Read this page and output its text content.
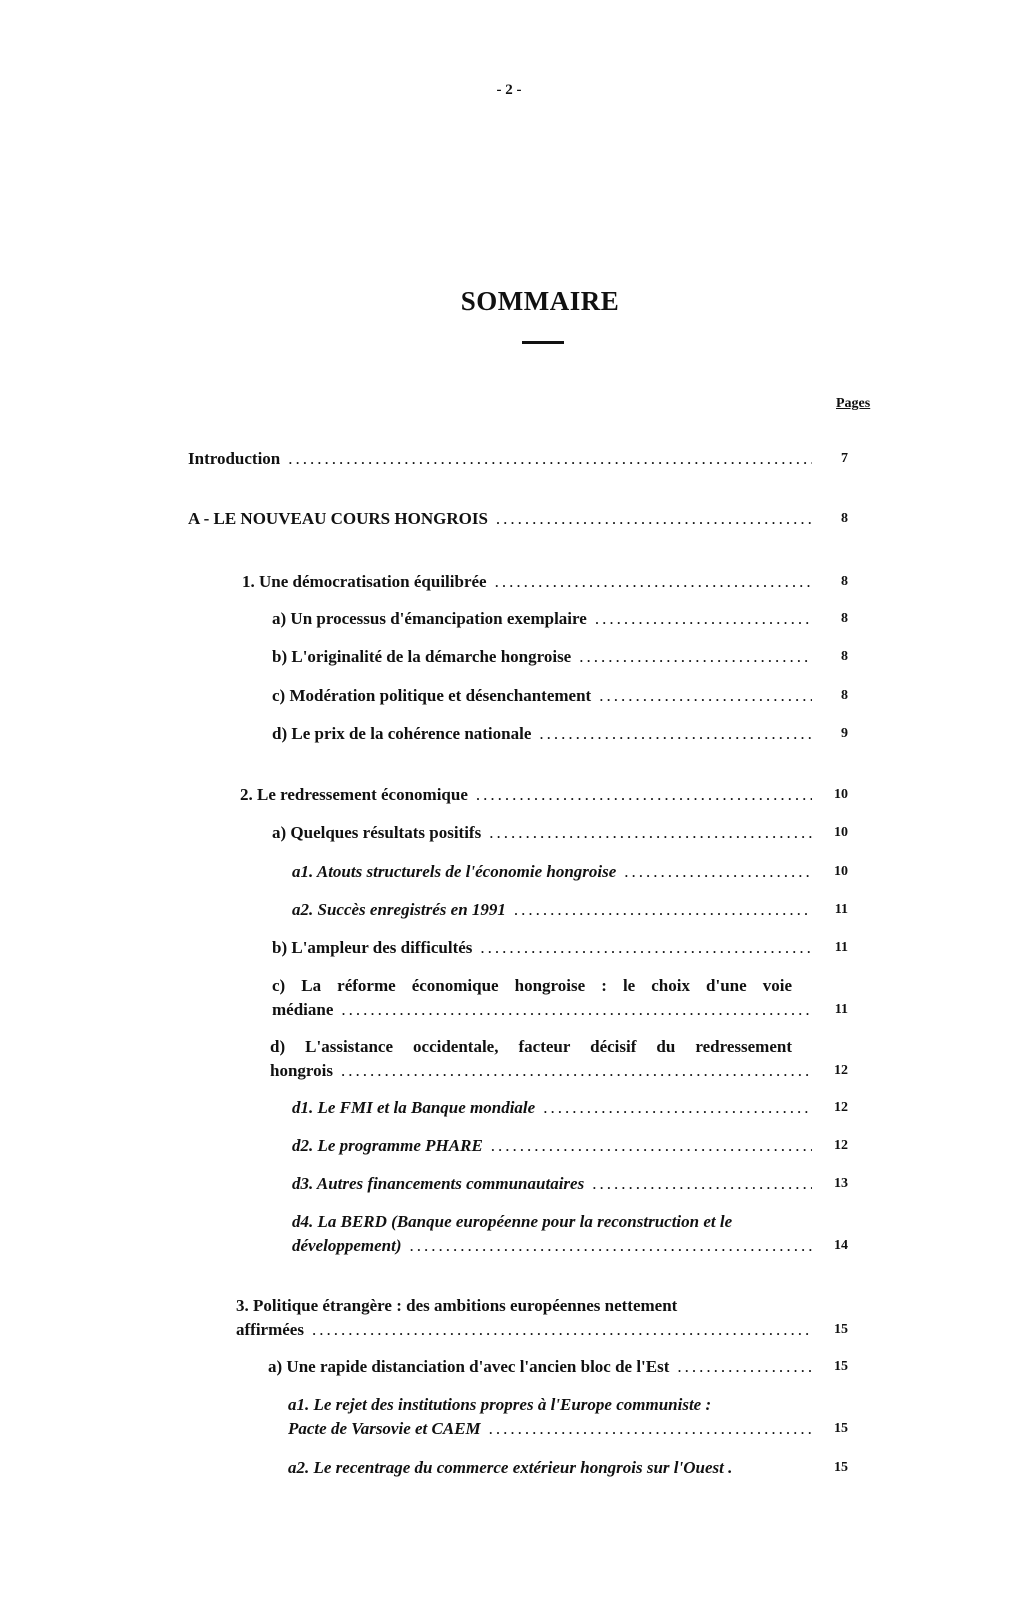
- 2 -
SOMMAIRE
Pages
Introduction .....	7
A - LE NOUVEAU COURS HONGROIS .....	8
1. Une démocratisation équilibrée .....	8
a) Un processus d'émancipation exemplaire .....	8
b) L'originalité de la démarche hongroise .....	8
c) Modération politique et désenchantement .....	8
d) Le prix de la cohérence nationale .....	9
2. Le redressement économique .....	10
a) Quelques résultats positifs .....	10
a1. Atouts structurels de l'économie hongroise .....	10
a2. Succès enregistrés en 1991 .....	11
b) L'ampleur des difficultés .....	11
c) La réforme économique hongroise : le choix d'une voie
médiane .....	11
d) L'assistance occidentale, facteur décisif du redressement
hongrois .....	12
d1. Le FMI et la Banque mondiale .....	12
d2. Le programme PHARE .....	12
d3. Autres financements communautaires .....	13
d4. La BERD (Banque européenne pour la reconstruction et le
développement) .....	14
3. Politique étrangère : des ambitions européennes nettement
affirmées .....	15
a) Une rapide distanciation d'avec l'ancien bloc de l'Est .....	15
a1. Le rejet des institutions propres à l'Europe communiste :
Pacte de Varsovie et CAEM .....	15
a2. Le recentrage du commerce extérieur hongrois sur l'Ouest .	15
